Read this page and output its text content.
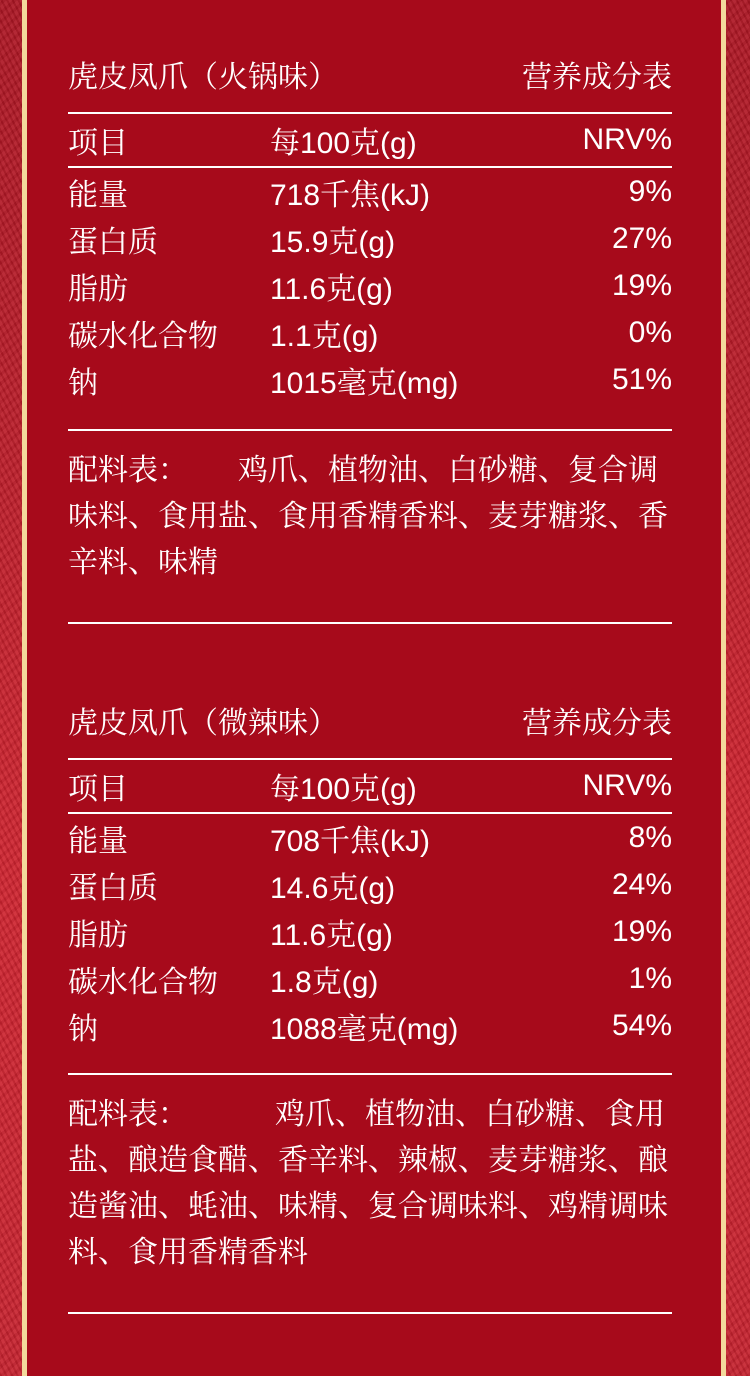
虎皮凤爪（火锅味）	营养成分表
项目	每100克(g)	NRV%
能量	718千焦(kJ)	9%
蛋白质	15.9克(g)	27%
脂肪	11.6克(g)	19%
碳水化合物	1.1克(g)	0%
钠	1015毫克(mg)	51%

配料表： 鸡爪、植物油、白砂糖、复合调味料、食用盐、食用香精香料、麦芽糖浆、香辛料、味精

虎皮凤爪（微辣味）	营养成分表
项目	每100克(g)	NRV%
能量	708千焦(kJ)	8%
蛋白质	14.6克(g)	24%
脂肪	11.6克(g)	19%
碳水化合物	1.8克(g)	1%
钠	1088毫克(mg)	54%

配料表：	鸡爪、植物油、白砂糖、食用盐、酿造食醋、香辛料、辣椒、麦芽糖浆、酿造酱油、蚝油、味精、复合调味料、鸡精调味料、食用香精香料
